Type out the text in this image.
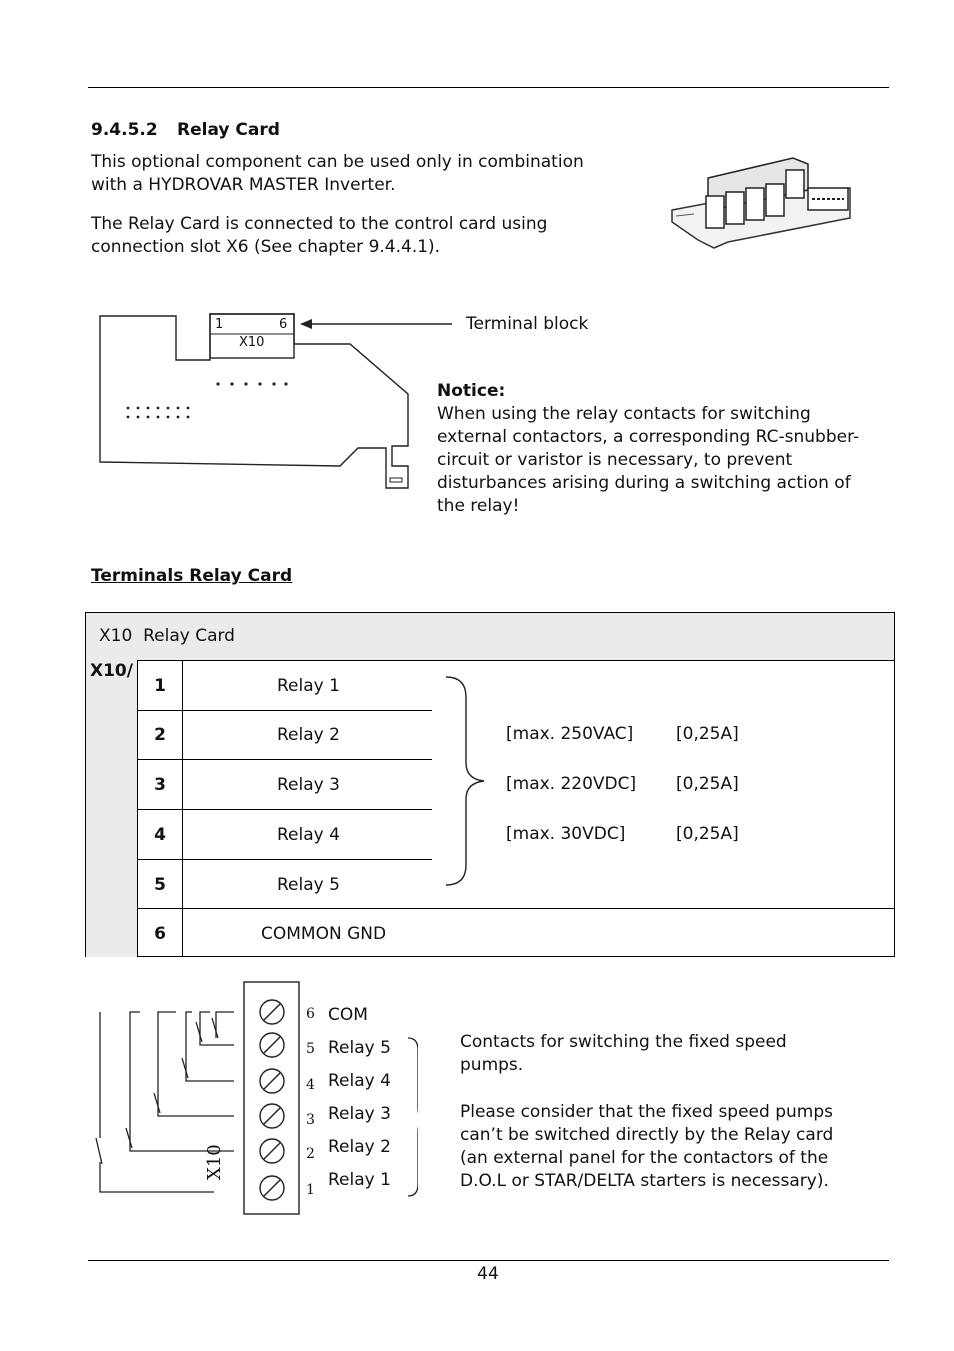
9.4.5.2 Relay Card
This optional component can be used only in combination
with a HYDROVAR MASTER Inverter.
The Relay Card is connected to the control card using
connection slot X6 (See chapter 9.4.4.1).
1	6
X10
Terminal block
Notice:
When using the relay contacts for switching
external contactors, a corresponding RC-snubber-
circuit or varistor is necessary, to prevent
disturbances arising during a switching action of
the relay!
Terminals Relay Card
X10  Relay Card
X10/
1	Relay 1
2	Relay 2
3	Relay 3
4	Relay 4
5	Relay 5
6	COMMON GND
[max. 250VAC]	[0,25A]
[max. 220VDC] [0,25A]
[max. 30VDC]	[0,25A]
X10
6
5
4
3
2
1
COM
Relay 5
Relay 4
Relay 3
Relay 2
Relay 1
Contacts for switching the fixed speed
pumps.
Please consider that the fixed speed pumps
can’t be switched directly by the Relay card
(an external panel for the contactors of the
D.O.L or STAR/DELTA starters is necessary).
44
